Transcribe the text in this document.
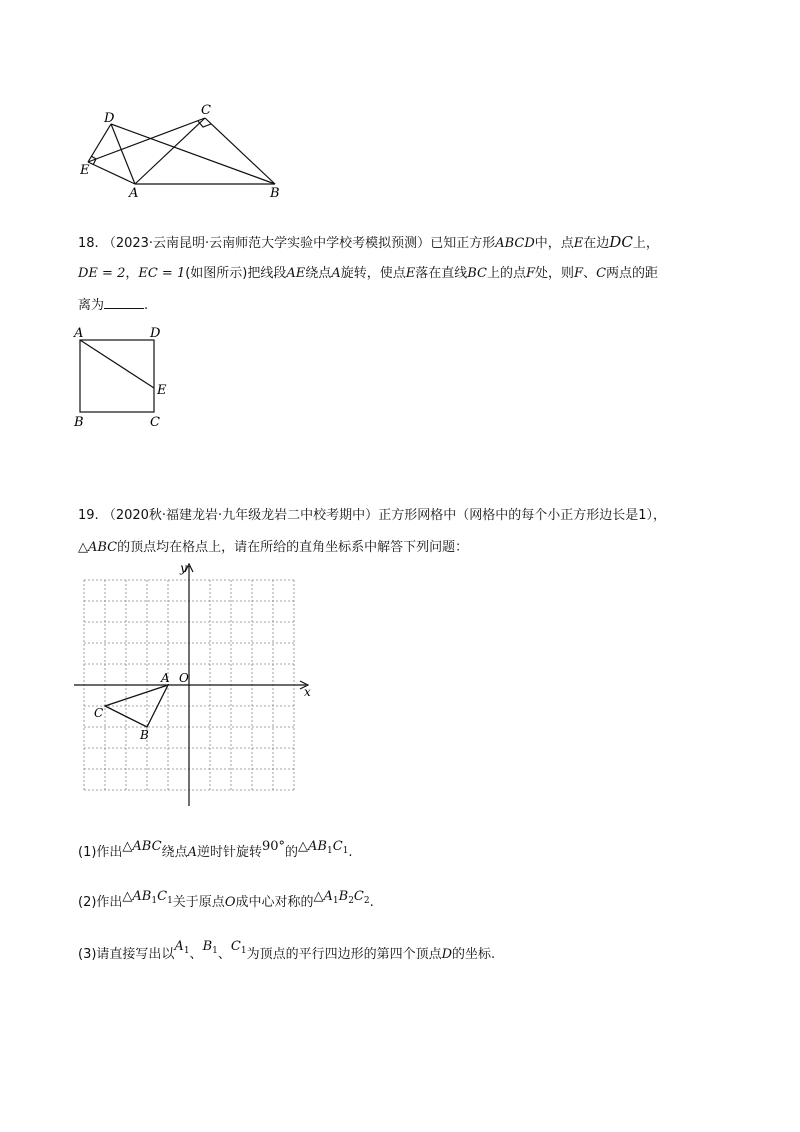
D
C
E
A	B
18. （2023·云南昆明·云南师范大学实验中学校考模拟预测）已知正方形ABCD中，点E在边DC上，
DE = 2，EC = 1(如图所示)把线段AE绕点A旋转，使点E落在直线BC上的点F处，则F、C两点的距
离为	.
A	D
E
B	C
19. （2020秋·福建龙岩·九年级龙岩二中校考期中）正方形网格中（网格中的每个小正方形边长是1），
△ABC的顶点均在格点上，请在所给的直角坐标系中解答下列问题：
y
x
O
A
B
C
(1)作出△ABC绕点A逆时针旋转90°的$\triangle AB_1C_1$.
(2)作出$\triangle AB_1C_1$关于原点O成中心对称的$\triangle A_1B_2C_2$.
(3)请直接写出以$A_1$、$B_1$、$C_1$为顶点的平行四边形的第四个顶点D的坐标.
